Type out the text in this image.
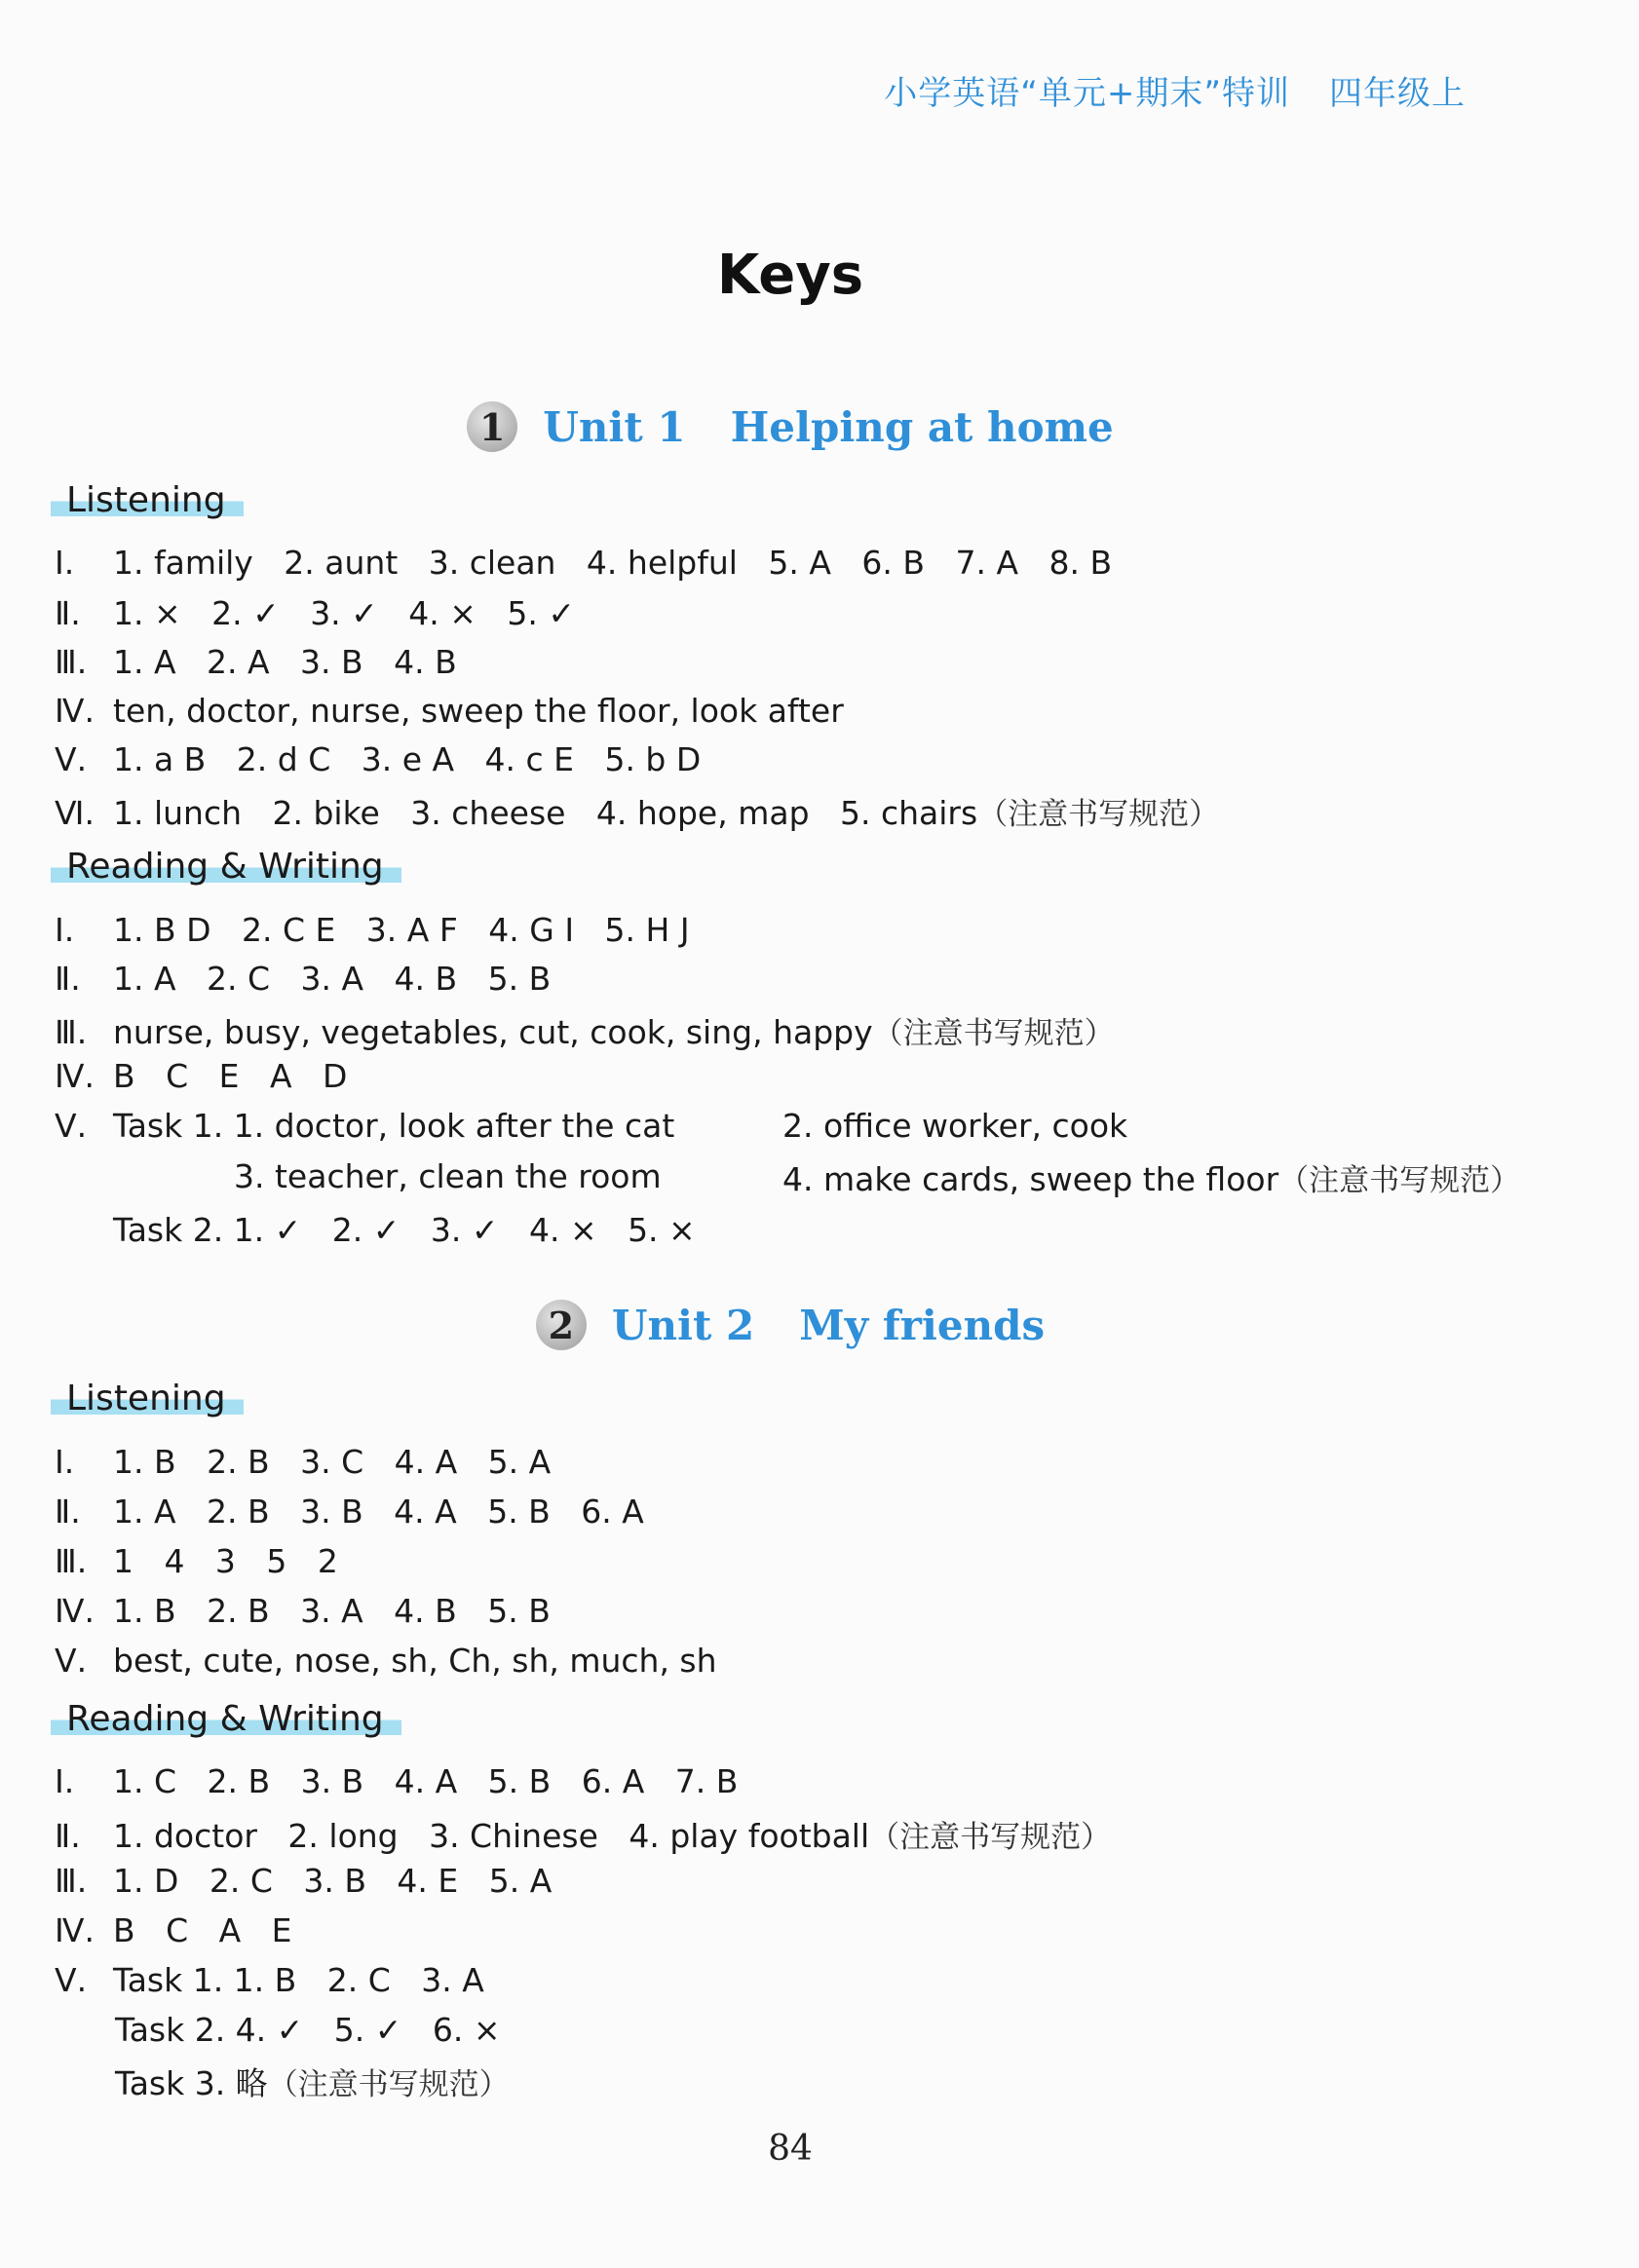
小学英语“单元+期末”特训 四年级上
Keys
1 Unit 1 Helping at home
Listening
Ⅰ. 1. family   2. aunt   3. clean   4. helpful   5. A   6. B   7. A   8. B
Ⅱ. 1. ×   2. ✓   3. ✓   4. ×   5. ✓
Ⅲ. 1. A   2. A   3. B   4. B
Ⅳ. ten, doctor, nurse, sweep the floor, look after
Ⅴ. 1. a B   2. d C   3. e A   4. c E   5. b D
Ⅵ. 1. lunch   2. bike   3. cheese   4. hope, map   5. chairs（注意书写规范）
Reading & Writing
Ⅰ. 1. B D   2. C E   3. A F   4. G I   5. H J
Ⅱ. 1. A   2. C   3. A   4. B   5. B
Ⅲ. nurse, busy, vegetables, cut, cook, sing, happy（注意书写规范）
Ⅳ. B   C   E   A   D
Ⅴ. Task 1. 1. doctor, look after the cat	2. office worker, cook
3. teacher, clean the room	4. make cards, sweep the floor（注意书写规范）
Task 2. 1. ✓   2. ✓   3. ✓   4. ×   5. ×
2 Unit 2 My friends
Listening
Ⅰ. 1. B   2. B   3. C   4. A   5. A
Ⅱ. 1. A   2. B   3. B   4. A   5. B   6. A
Ⅲ. 1   4   3   5   2
Ⅳ. 1. B   2. B   3. A   4. B   5. B
Ⅴ. best, cute, nose, sh, Ch, sh, much, sh
Reading & Writing
Ⅰ. 1. C   2. B   3. B   4. A   5. B   6. A   7. B
Ⅱ. 1. doctor   2. long   3. Chinese   4. play football（注意书写规范）
Ⅲ. 1. D   2. C   3. B   4. E   5. A
Ⅳ. B   C   A   E
Ⅴ. Task 1. 1. B   2. C   3. A
Task 2. 4. ✓   5. ✓   6. ×
Task 3. 略（注意书写规范）
84
